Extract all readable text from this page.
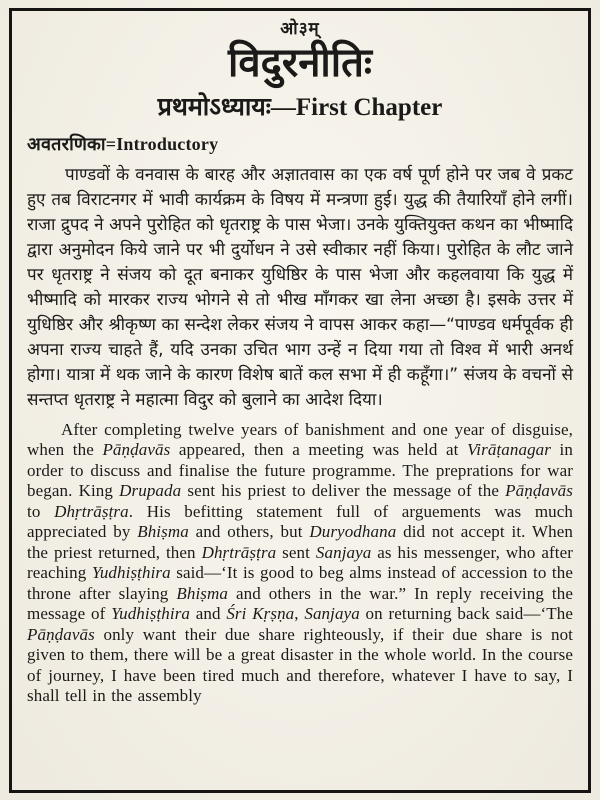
ओ३म्
विदुरनीतिः
प्रथमोऽध्यायः—First Chapter
अवतरणिका=Introductory

पाण्डवों के वनवास के बारह और अज्ञातवास का एक वर्ष पूर्ण होने पर जब वे प्रकट हुए तब विराटनगर में भावी कार्यक्रम के विषय में मन्त्रणा हुई। युद्ध की तैयारियाँ होने लगीं। राजा द्रुपद ने अपने पुरोहित को धृतराष्ट्र के पास भेजा। उनके युक्तियुक्त कथन का भीष्मादि द्वारा अनुमोदन किये जाने पर भी दुर्योधन ने उसे स्वीकार नहीं किया। पुरोहित के लौट जाने पर धृतराष्ट्र ने संजय को दूत बनाकर युधिष्ठिर के पास भेजा और कहलवाया कि युद्ध में भीष्मादि को मारकर राज्य भोगने से तो भीख माँगकर खा लेना अच्छा है। इसके उत्तर में युधिष्ठिर और श्रीकृष्ण का सन्देश लेकर संजय ने वापस आकर कहा—“पाण्डव धर्मपूर्वक ही अपना राज्य चाहते हैं, यदि उनका उचित भाग उन्हें न दिया गया तो विश्व में भारी अनर्थ होगा। यात्रा में थक जाने के कारण विशेष बातें कल सभा में ही कहूँगा।” संजय के वचनों से सन्तप्त धृतराष्ट्र ने महात्मा विदुर को बुलाने का आदेश दिया।

After completing twelve years of banishment and one year of disguise, when the Pāṇḍavās appeared, then a meeting was held at Virāṭanagar in order to discuss and finalise the future programme. The preprations for war began. King Drupada sent his priest to deliver the message of the Pāṇḍavās to Dhṛtrāṣṭra. His befitting statement full of arguements was much appreciated by Bhiṣma and others, but Duryodhana did not accept it. When the priest returned, then Dhṛtrāṣṭra sent Sanjaya as his messenger, who after reaching Yudhiṣṭhira said—‘It is good to beg alms instead of accession to the throne after slaying Bhiṣma and others in the war.” In reply receiving the message of Yudhiṣṭhira and Śri Kṛṣṇa, Sanjaya on returning back said—‘The Pāṇḍavās only want their due share righteously, if their due share is not given to them, there will be a great disaster in the whole world. In the course of journey, I have been tired much and therefore, whatever I have to say, I shall tell in the assembly
